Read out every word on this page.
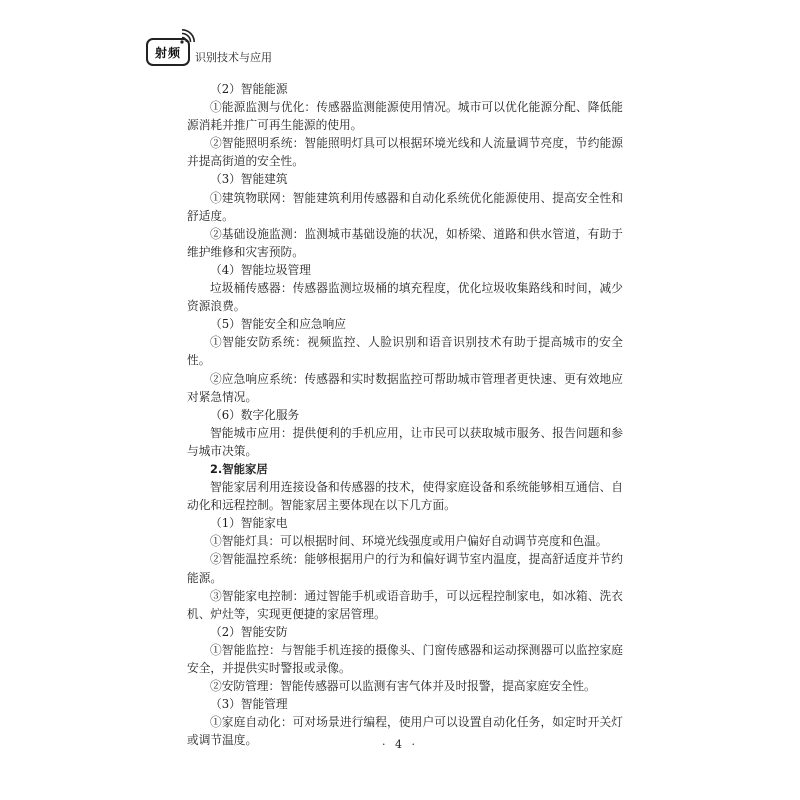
射频 识别技术与应用

（2）智能能源

①能源监测与优化：传感器监测能源使用情况。城市可以优化能源分配、降低能源消耗并推广可再生能源的使用。

②智能照明系统：智能照明灯具可以根据环境光线和人流量调节亮度，节约能源并提高街道的安全性。

（3）智能建筑

①建筑物联网：智能建筑利用传感器和自动化系统优化能源使用、提高安全性和舒适度。

②基础设施监测：监测城市基础设施的状况，如桥梁、道路和供水管道，有助于维护维修和灾害预防。

（4）智能垃圾管理

垃圾桶传感器：传感器监测垃圾桶的填充程度，优化垃圾收集路线和时间，减少资源浪费。

（5）智能安全和应急响应

①智能安防系统：视频监控、人脸识别和语音识别技术有助于提高城市的安全性。

②应急响应系统：传感器和实时数据监控可帮助城市管理者更快速、更有效地应对紧急情况。

（6）数字化服务

智能城市应用：提供便利的手机应用，让市民可以获取城市服务、报告问题和参与城市决策。

2.智能家居

智能家居利用连接设备和传感器的技术，使得家庭设备和系统能够相互通信、自动化和远程控制。智能家居主要体现在以下几方面。

（1）智能家电

①智能灯具：可以根据时间、环境光线强度或用户偏好自动调节亮度和色温。

②智能温控系统：能够根据用户的行为和偏好调节室内温度，提高舒适度并节约能源。

③智能家电控制：通过智能手机或语音助手，可以远程控制家电，如冰箱、洗衣机、炉灶等，实现更便捷的家居管理。

（2）智能安防

①智能监控：与智能手机连接的摄像头、门窗传感器和运动探测器可以监控家庭安全，并提供实时警报或录像。

②安防管理：智能传感器可以监测有害气体并及时报警，提高家庭安全性。

（3）智能管理

①家庭自动化：可对场景进行编程，使用户可以设置自动化任务，如定时开关灯或调节温度。	· 4 ·
